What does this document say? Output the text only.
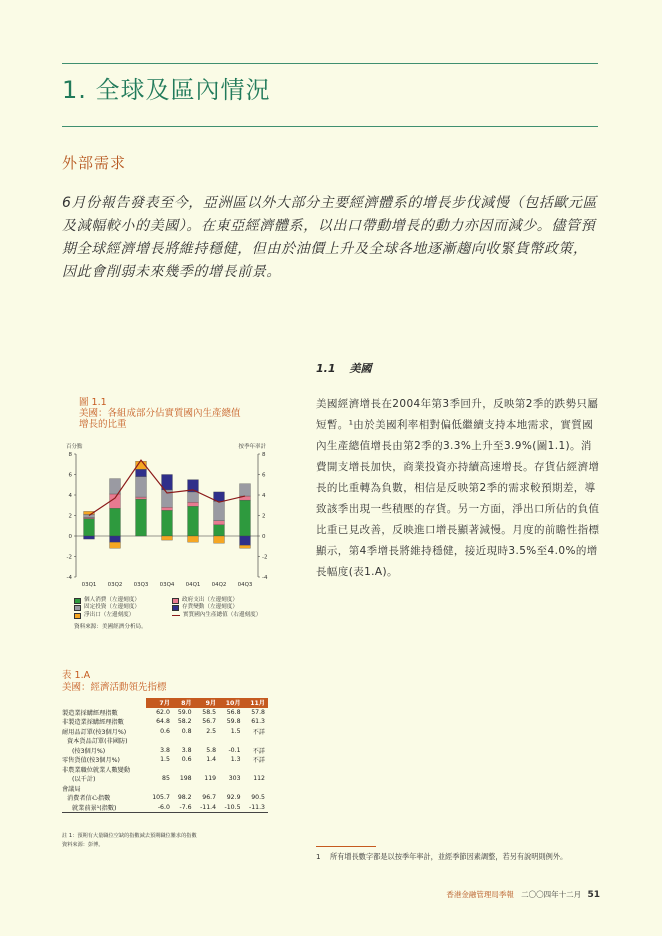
1. 全球及區內情況
外部需求
6月份報告發表至今，亞洲區以外大部分主要經濟體系的增長步伐減慢（包括歐元區及減幅較小的美國）。在東亞經濟體系，以出口帶動增長的動力亦因而減少。儘管預期全球經濟增長將維持穩健，但由於油價上升及全球各地逐漸趨向收緊貨幣政策，因此會削弱未來幾季的增長前景。
1.1 美國
美國經濟增長在2004年第3季回升，反映第2季的跌勢只屬短暫。¹由於美國利率相對偏低繼續支持本地需求，實質國內生產總值增長由第2季的3.3%上升至3.9%(圖1.1)。消費開支增長加快，商業投資亦持續高速增長。存貨佔經濟增長的比重轉為負數，相信是反映第2季的需求較預期差，導致該季出現一些積壓的存貨。另一方面，淨出口所佔的負值比重已見改善，反映進口增長顯著減慢。月度的前瞻性指標顯示，第4季增長將維持穩健，接近現時3.5%至4.0%的增長幅度(表1.A)。
圖 1.1
美國：各組成部分佔實質國內生產總值
增長的比重
百分點	按季年率計
-4	-4
-2	-2
0	0
2	2
4	4
6	6
8	8
03Q1 03Q2 03Q3 03Q4 04Q1 04Q2 04Q3
個人消費（左邊刻度）	政府支出（左邊刻度）
固定投資（左邊刻度）	存貨變動（左邊刻度）
淨出口（左邊刻度）	實質國內生產總值（右邊刻度）
資料來源：美國經濟分析局。
表 1.A
美國：經濟活動領先指標
	7月	8月	9月	10月	11月
製造業採購經理指數	62.0	59.0	58.5	56.8	57.8
非製造業採購經理指數	64.8	58.2	56.7	59.8	61.3
耐用品訂單(按3個月%)	0.6	0.8	2.5	1.5	不詳
資本貨品訂單(非國防)					
(按3個月%)	3.8	3.8	5.8	-0.1	不詳
零售貨值(按3個月%)	1.5	0.6	1.4	1.3	不詳
非農業職位就業人數變動					
(以千計)	85	198	119	303	112
會議局					
消費者信心指數	105.7	98.2	96.7	92.9	90.5
就業前景¹(指數)	-6.0	-7.6	-11.4	-10.5	-11.3
註 1：預期有大量職位空缺的指數減去預期職位難求的指數
資料來源：彭博。
1 所有增長數字都是以按季年率計，並經季節因素調整，若另有說明則例外。
香港金融管理局季報 二〇〇四年十二月 51
